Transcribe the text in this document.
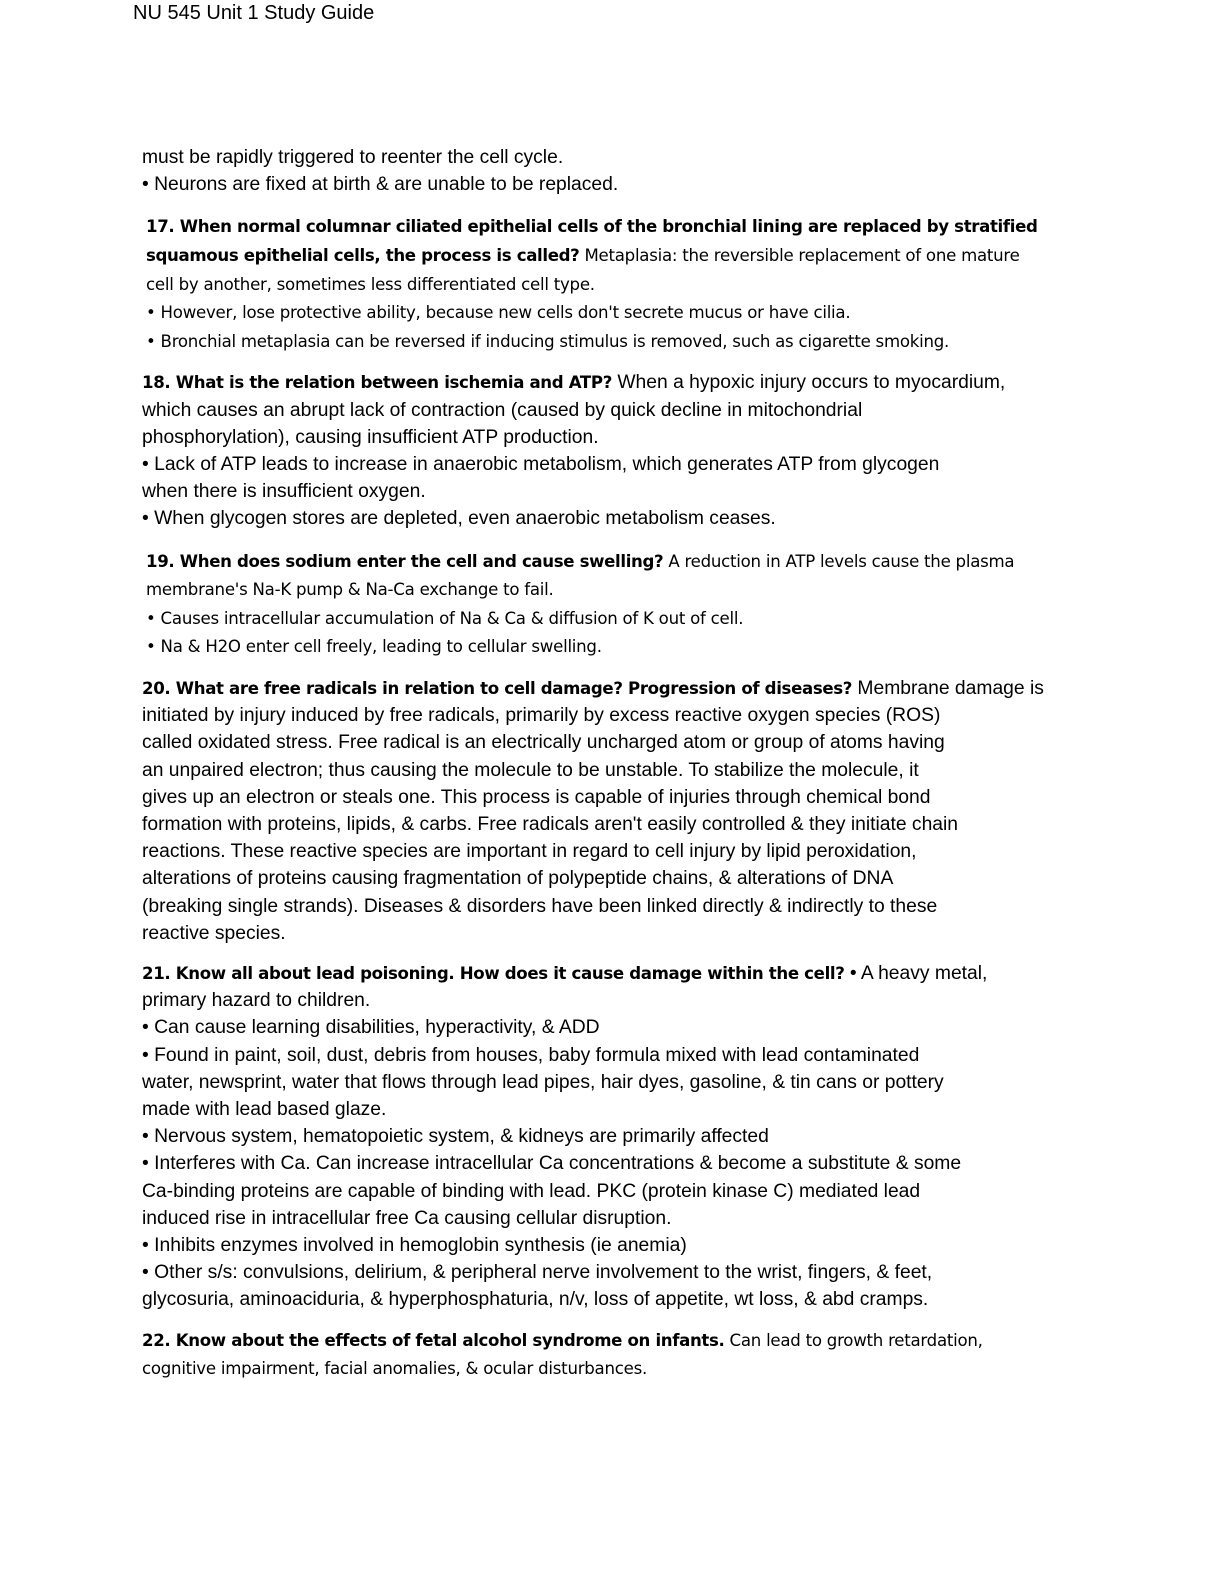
NU 545 Unit 1 Study Guide

must be rapidly triggered to reenter the cell cycle.

• Neurons are fixed at birth & are unable to be replaced.

17. When normal columnar ciliated epithelial cells of the bronchial lining are replaced by stratified

squamous epithelial cells, the process is called? Metaplasia: the reversible replacement of one mature

cell by another, sometimes less differentiated cell type.

• However, lose protective ability, because new cells don't secrete mucus or have cilia.

• Bronchial metaplasia can be reversed if inducing stimulus is removed, such as cigarette smoking.

18. What is the relation between ischemia and ATP? When a hypoxic injury occurs to myocardium,

which causes an abrupt lack of contraction (caused by quick decline in mitochondrial

phosphorylation), causing insufficient ATP production.

• Lack of ATP leads to increase in anaerobic metabolism, which generates ATP from glycogen

when there is insufficient oxygen.

• When glycogen stores are depleted, even anaerobic metabolism ceases.

19. When does sodium enter the cell and cause swelling? A reduction in ATP levels cause the plasma

membrane's Na-K pump & Na-Ca exchange to fail.

• Causes intracellular accumulation of Na & Ca & diffusion of K out of cell.

• Na & H2O enter cell freely, leading to cellular swelling.

20. What are free radicals in relation to cell damage? Progression of diseases? Membrane damage is

initiated by injury induced by free radicals, primarily by excess reactive oxygen species (ROS)

called oxidated stress. Free radical is an electrically uncharged atom or group of atoms having

an unpaired electron; thus causing the molecule to be unstable. To stabilize the molecule, it

gives up an electron or steals one. This process is capable of injuries through chemical bond

formation with proteins, lipids, & carbs. Free radicals aren't easily controlled & they initiate chain

reactions. These reactive species are important in regard to cell injury by lipid peroxidation,

alterations of proteins causing fragmentation of polypeptide chains, & alterations of DNA

(breaking single strands). Diseases & disorders have been linked directly & indirectly to these

reactive species.

21. Know all about lead poisoning. How does it cause damage within the cell? • A heavy metal,

primary hazard to children.

• Can cause learning disabilities, hyperactivity, & ADD

• Found in paint, soil, dust, debris from houses, baby formula mixed with lead contaminated

water, newsprint, water that flows through lead pipes, hair dyes, gasoline, & tin cans or pottery

made with lead based glaze.

• Nervous system, hematopoietic system, & kidneys are primarily affected

• Interferes with Ca. Can increase intracellular Ca concentrations & become a substitute & some

Ca-binding proteins are capable of binding with lead. PKC (protein kinase C) mediated lead

induced rise in intracellular free Ca causing cellular disruption.

• Inhibits enzymes involved in hemoglobin synthesis (ie anemia)

• Other s/s: convulsions, delirium, & peripheral nerve involvement to the wrist, fingers, & feet,

glycosuria, aminoaciduria, & hyperphosphaturia, n/v, loss of appetite, wt loss, & abd cramps.

22. Know about the effects of fetal alcohol syndrome on infants. Can lead to growth retardation,

cognitive impairment, facial anomalies, & ocular disturbances.
